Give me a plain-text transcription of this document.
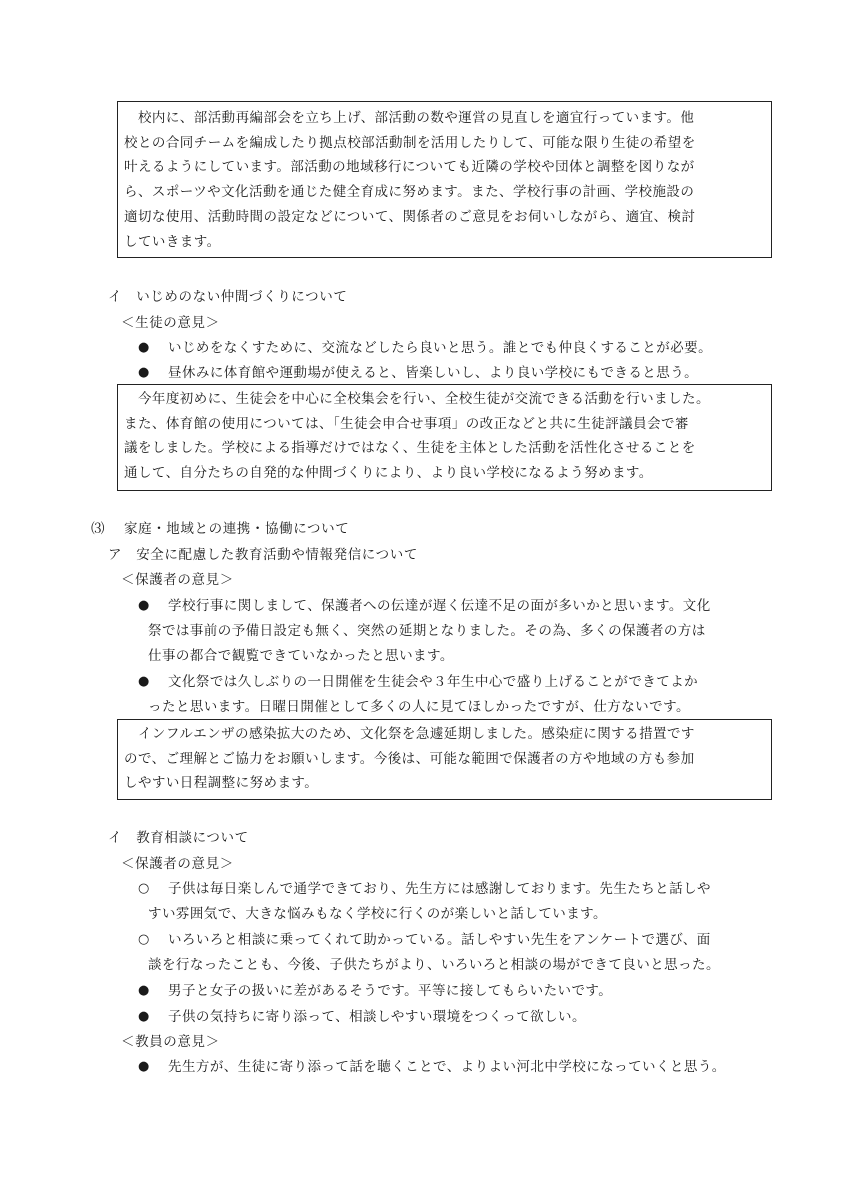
　校内に、部活動再編部会を立ち上げ、部活動の数や運営の見直しを適宜行っています。他
校との合同チームを編成したり拠点校部活動制を活用したりして、可能な限り生徒の希望を
叶えるようにしています。部活動の地域移行についても近隣の学校や団体と調整を図りなが
ら、スポーツや文化活動を通じた健全育成に努めます。また、学校行事の計画、学校施設の
適切な使用、活動時間の設定などについて、関係者のご意見をお伺いしながら、適宜、検討
していきます。
イ　いじめのない仲間づくりについて
＜生徒の意見＞
● いじめをなくすために、交流などしたら良いと思う。誰とでも仲良くすることが必要。
● 昼休みに体育館や運動場が使えると、皆楽しいし、より良い学校にもできると思う。
　今年度初めに、生徒会を中心に全校集会を行い、全校生徒が交流できる活動を行いました。
また、体育館の使用については、「生徒会申合せ事項」の改正などと共に生徒評議員会で審
議をしました。学校による指導だけではなく、生徒を主体とした活動を活性化させることを
通して、自分たちの自発的な仲間づくりにより、より良い学校になるよう努めます。
⑶ 家庭・地域との連携・協働について
ア　安全に配慮した教育活動や情報発信について
＜保護者の意見＞
● 学校行事に関しまして、保護者への伝達が遅く伝達不足の面が多いかと思います。文化
祭では事前の予備日設定も無く、突然の延期となりました。その為、多くの保護者の方は
仕事の都合で観覧できていなかったと思います。
● 文化祭では久しぶりの一日開催を生徒会や３年生中心で盛り上げることができてよか
ったと思います。日曜日開催として多くの人に見てほしかったですが、仕方ないです。
　インフルエンザの感染拡大のため、文化祭を急遽延期しました。感染症に関する措置です
ので、ご理解とご協力をお願いします。今後は、可能な範囲で保護者の方や地域の方も参加
しやすい日程調整に努めます。
イ　教育相談について
＜保護者の意見＞
○ 子供は毎日楽しんで通学できており、先生方には感謝しております。先生たちと話しや
すい雰囲気で、大きな悩みもなく学校に行くのが楽しいと話しています。
○ いろいろと相談に乗ってくれて助かっている。話しやすい先生をアンケートで選び、面
談を行なったことも、今後、子供たちがより、いろいろと相談の場ができて良いと思った。
● 男子と女子の扱いに差があるそうです。平等に接してもらいたいです。
● 子供の気持ちに寄り添って、相談しやすい環境をつくって欲しい。
＜教員の意見＞
● 先生方が、生徒に寄り添って話を聴くことで、よりよい河北中学校になっていくと思う。
